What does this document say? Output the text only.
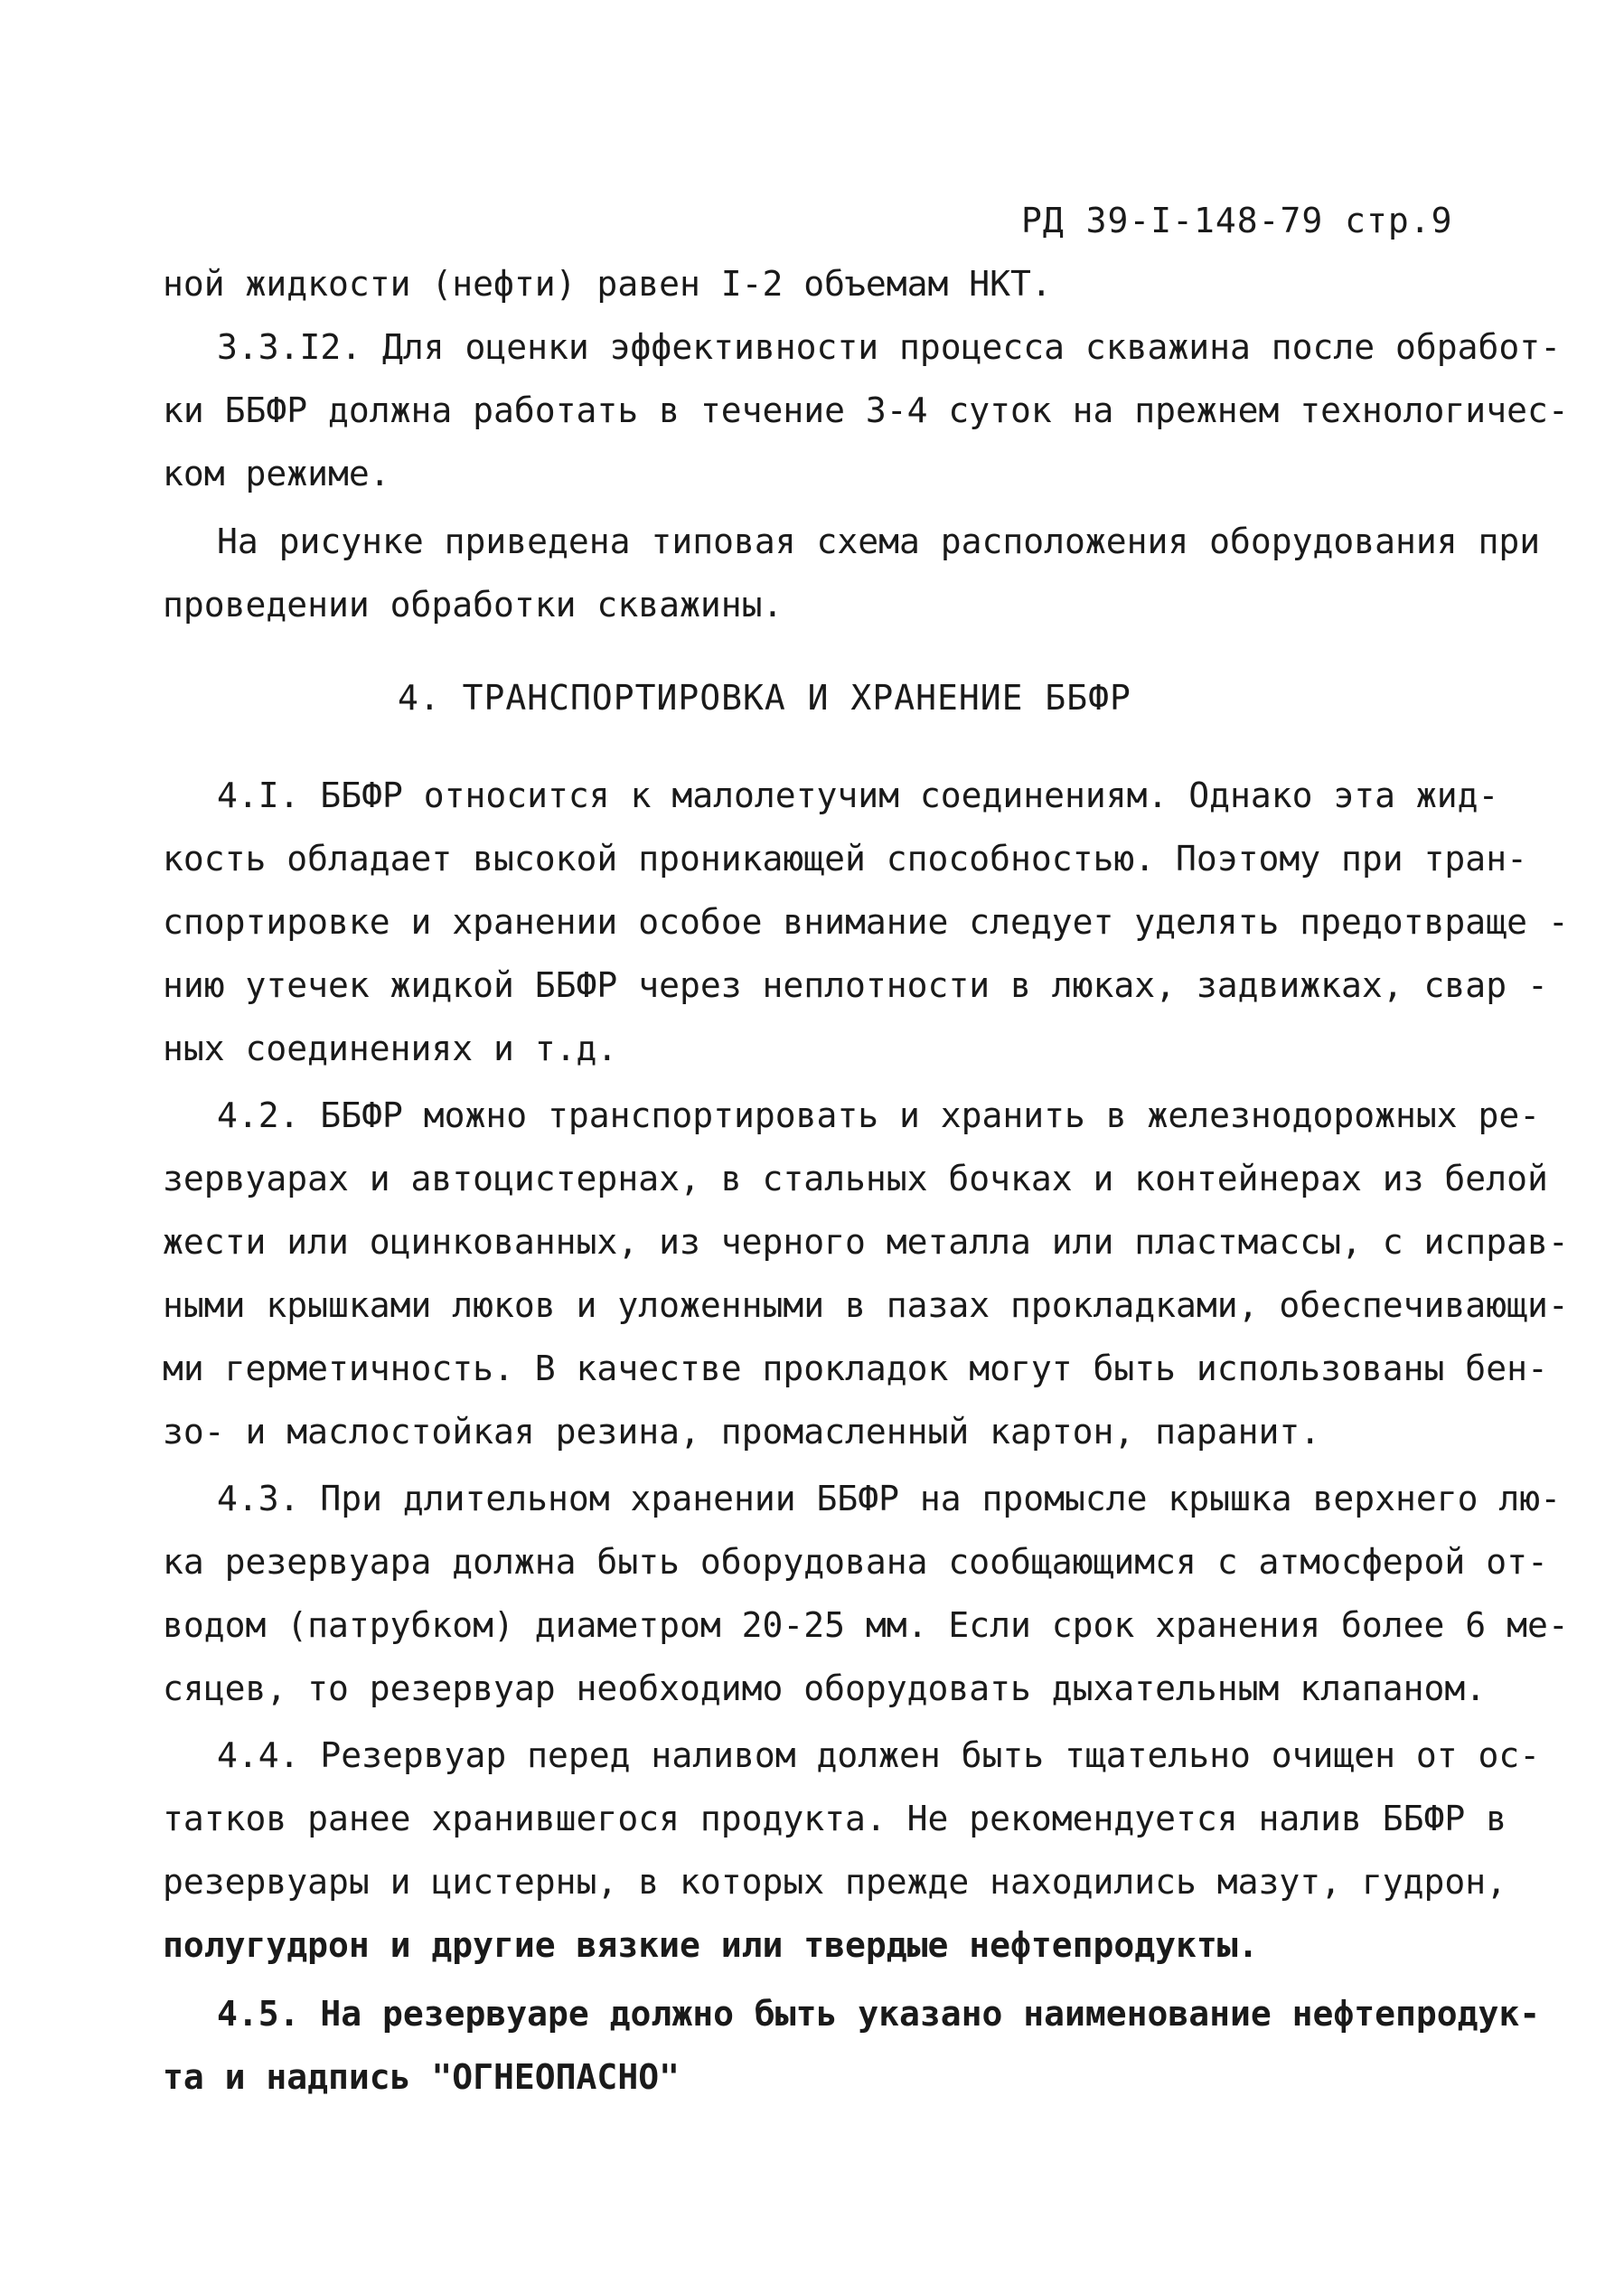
РД 39-I-148-79 стр.9
ной жидкости (нефти) равен I-2 объемам НКТ.
3.3.I2. Для оценки эффективности процесса скважина после обработ-
ки ББФР должна работать в течение 3-4 суток на прежнем технологичес-
ком режиме.
На рисунке приведена типовая схема расположения оборудования при
проведении обработки скважины.
4. ТРАНСПОРТИРОВКА И ХРАНЕНИЕ ББФР
4.I. ББФР относится к малолетучим соединениям. Однако эта жид-
кость обладает высокой проникающей способностью. Поэтому при тран-
спортировке и хранении особое внимание следует уделять предотвраще -
нию утечек жидкой ББФР через неплотности в люках, задвижках, свар -
ных соединениях и т.д.
4.2. ББФР можно транспортировать и хранить в железнодорожных ре-
зервуарах и автоцистернах, в стальных бочках и контейнерах из белой
жести или оцинкованных, из черного металла или пластмассы, с исправ-
ными крышками люков и уложенными в пазах прокладками, обеспечивающи-
ми герметичность. В качестве прокладок могут быть использованы бен-
зо- и маслостойкая резина, промасленный картон, паранит.
4.3. При длительном хранении ББФР на промысле крышка верхнего лю-
ка резервуара должна быть оборудована сообщающимся с атмосферой от-
водом (патрубком) диаметром 20-25 мм. Если срок хранения более 6 ме-
сяцев, то резервуар необходимо оборудовать дыхательным клапаном.
4.4. Резервуар перед наливом должен быть тщательно очищен от ос-
татков ранее хранившегося продукта. Не рекомендуется налив ББФР в
резервуары и цистерны, в которых прежде находились мазут, гудрон,
полугудрон и другие вязкие или твердые нефтепродукты.
4.5. На резервуаре должно быть указано наименование нефтепродук-
та и надпись "ОГНЕОПАСНО"
